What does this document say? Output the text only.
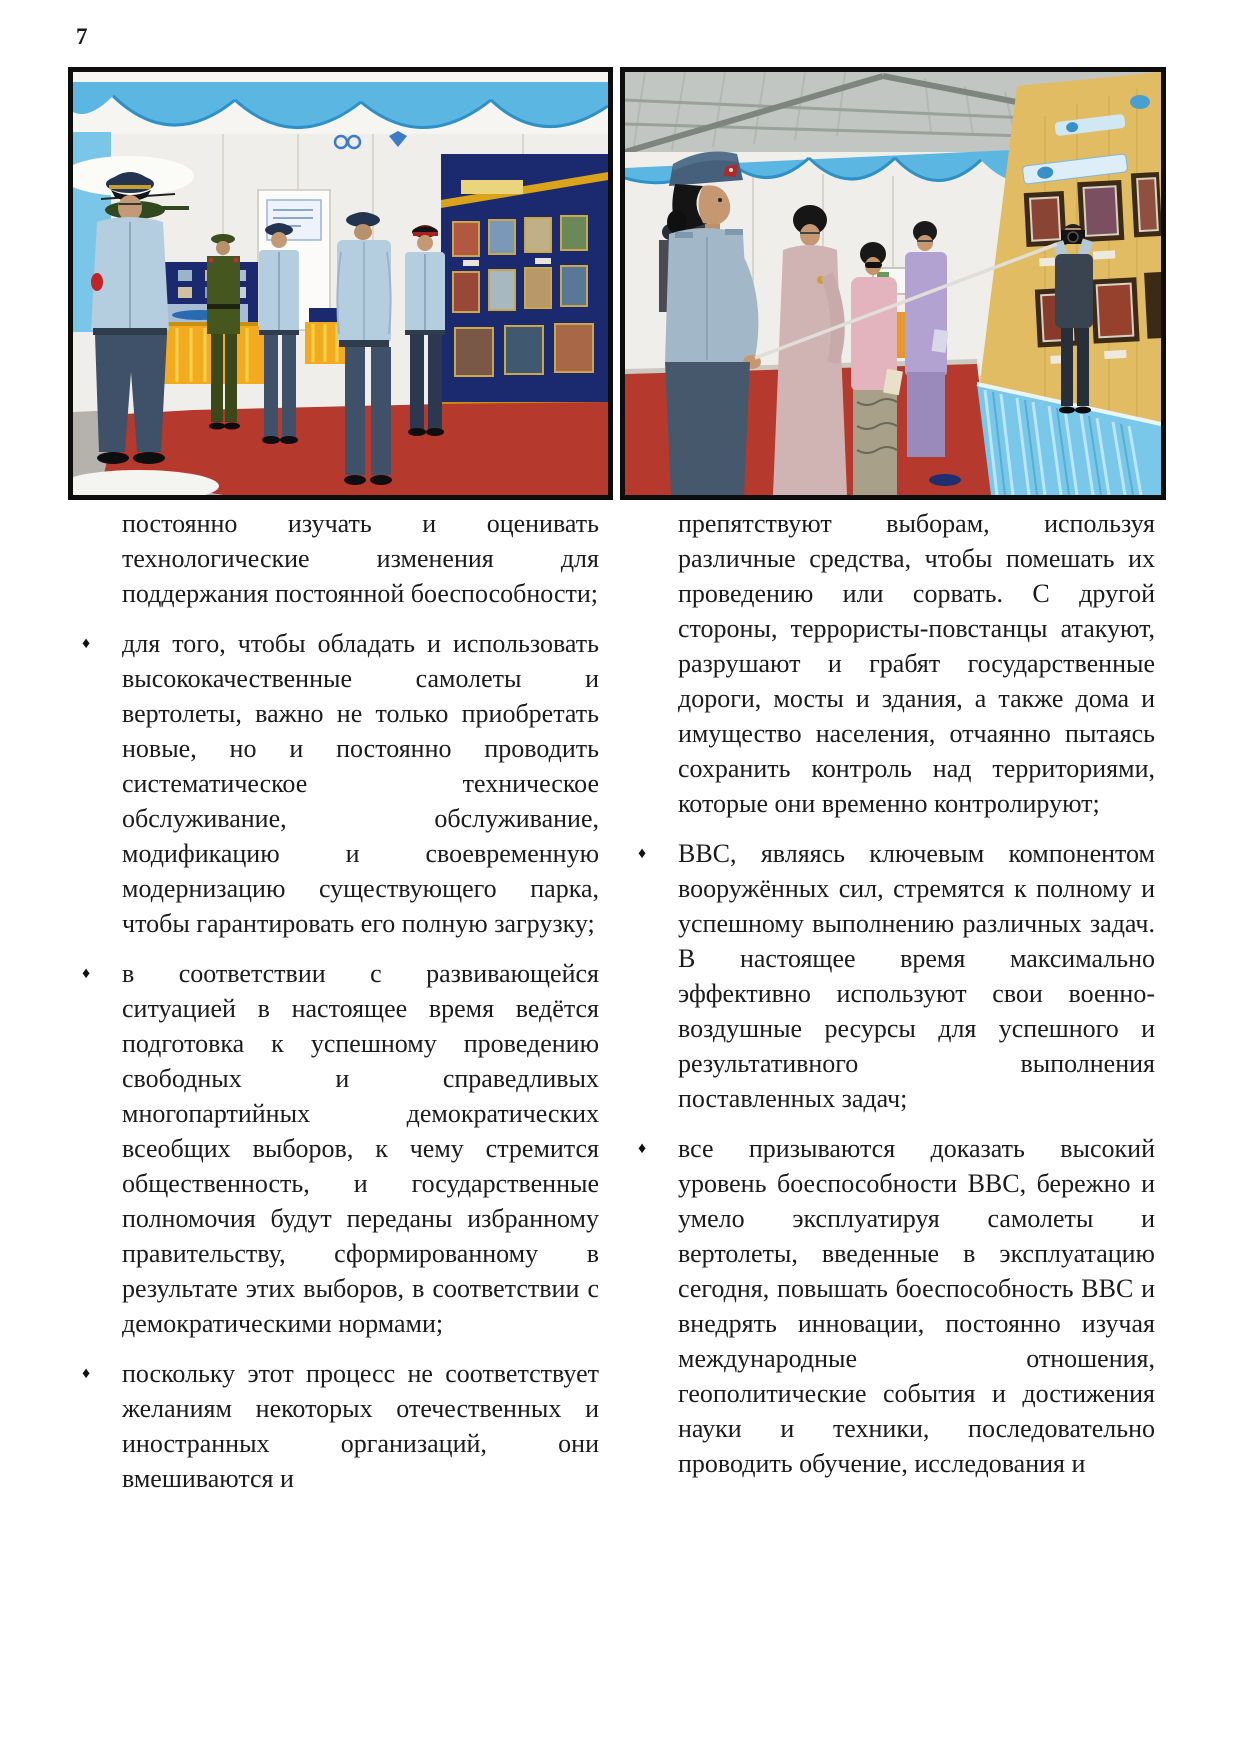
7

постоянно изучать и оценивать технологические изменения для поддержания постоянной боеспособности;

♦ для того, чтобы обладать и использовать высококачественные самолеты и вертолеты, важно не только приобретать новые, но и постоянно проводить систематическое техническое обслуживание, обслуживание, модификацию и своевременную модернизацию существующего парка, чтобы гарантировать его полную загрузку;

♦ в соответствии с развивающейся ситуацией в настоящее время ведётся подготовка к успешному проведению свободных и справедливых многопартийных демократических всеобщих выборов, к чему стремится общественность, и государственные полномочия будут переданы избранному правительству, сформированному в результате этих выборов, в соответствии с демократическими нормами;

♦ поскольку этот процесс не соответствует желаниям некоторых отечественных и иностранных организаций, они вмешиваются и

препятствуют выборам, используя различные средства, чтобы помешать их проведению или сорвать. С другой стороны, террористы-повстанцы атакуют, разрушают и грабят государственные дороги, мосты и здания, а также дома и имущество населения, отчаянно пытаясь сохранить контроль над территориями, которые они временно контролируют;

♦ ВВС, являясь ключевым компонентом вооружённых сил, стремятся к полному и успешному выполнению различных задач. В настоящее время максимально эффективно используют свои военно-воздушные ресурсы для успешного и результативного выполнения поставленных задач;

♦ все призываются доказать высокий уровень боеспособности ВВС, бережно и умело эксплуатируя самолеты и вертолеты, введенные в эксплуатацию сегодня, повышать боеспособность ВВС и внедрять инновации, постоянно изучая международные отношения, геополитические события и достижения науки и техники, последовательно проводить обучение, исследования и
